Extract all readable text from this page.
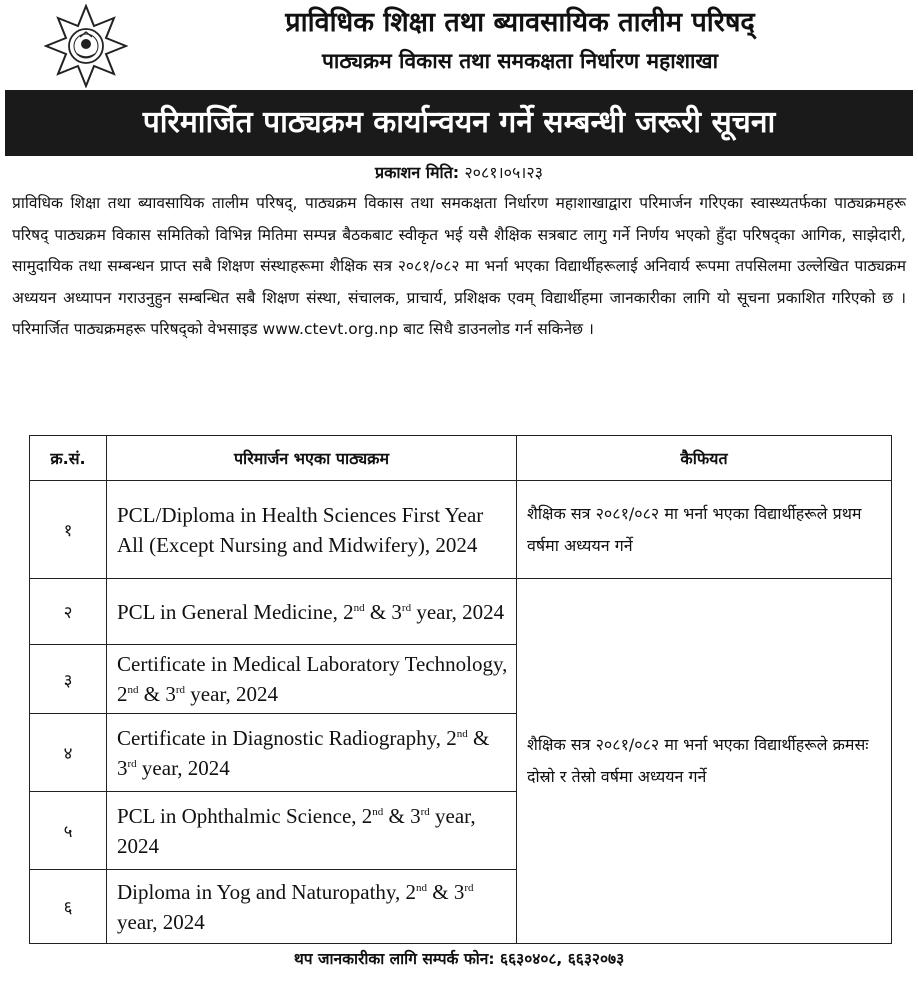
प्राविधिक शिक्षा तथा ब्यावसायिक तालीम परिषद्
पाठ्यक्रम विकास तथा समकक्षता निर्धारण महाशाखा
परिमार्जित पाठ्यक्रम कार्यान्वयन गर्ने सम्बन्धी जरूरी सूचना
प्रकाशन मिति: २०८१।०५।२३
प्राविधिक शिक्षा तथा ब्यावसायिक तालीम परिषद्, पाठ्यक्रम विकास तथा समकक्षता निर्धारण महाशाखाद्वारा परिमार्जन गरिएका स्वास्थ्यतर्फका पाठ्यक्रमहरू परिषद् पाठ्यक्रम विकास समितिको विभिन्न मितिमा सम्पन्न बैठकबाट स्वीकृत भई यसै शैक्षिक सत्रबाट लागु गर्ने निर्णय भएको हुँदा परिषद्का आगिक, साझेदारी, सामुदायिक तथा सम्बन्धन प्राप्त सबै शिक्षण संस्थाहरूमा शैक्षिक सत्र २०८१/०८२ मा भर्ना भएका विद्यार्थीहरूलाई अनिवार्य रूपमा तपसिलमा उल्लेखित पाठ्यक्रम अध्ययन अध्यापन गराउनुहुन सम्बन्धित सबै शिक्षण संस्था, संचालक, प्राचार्य, प्रशिक्षक एवम् विद्यार्थीहमा जानकारीका लागि यो सूचना प्रकाशित गरिएको छ । परिमार्जित पाठ्यक्रमहरू परिषद्को वेभसाइड www.ctevt.org.np बाट सिधै डाउनलोड गर्न सकिनेछ ।
क्र.सं.	परिमार्जन भएका पाठ्यक्रम	कैफियत
१	PCL/Diploma in Health Sciences First Year All (Except Nursing and Midwifery), 2024	शैक्षिक सत्र २०८१/०८२ मा भर्ना भएका विद्यार्थीहरूले प्रथम वर्षमा अध्ययन गर्ने
२	PCL in General Medicine, 2nd & 3rd year, 2024	शैक्षिक सत्र २०८१/०८२ मा भर्ना भएका विद्यार्थीहरूले क्रमसः दोस्रो र तेस्रो वर्षमा अध्ययन गर्ने
३	Certificate in Medical Laboratory Technology, 2nd & 3rd year, 2024	
४	Certificate in Diagnostic Radiography, 2nd & 3rd year, 2024	
५	PCL in Ophthalmic Science, 2nd & 3rd year, 2024	
६	Diploma in Yog and Naturopathy, 2nd & 3rd year, 2024	
थप जानकारीका लागि सम्पर्क फोन: ६६३०४०८, ६६३२०७३
